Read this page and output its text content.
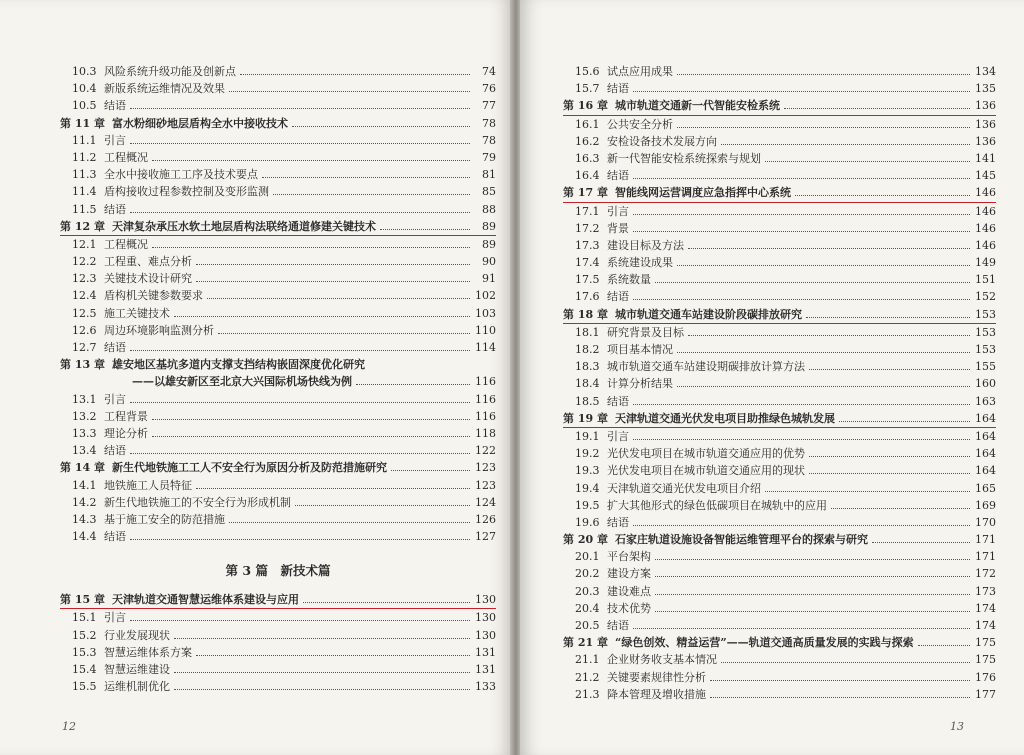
10.3 风险系统升级功能及创新点	74
10.4 新版系统运维情况及效果	76
10.5 结语	77
第 11 章 富水粉细砂地层盾构全水中接收技术	78
11.1 引言	78
11.2 工程概况	79
11.3 全水中接收施工工序及技术要点	81
11.4 盾构接收过程参数控制及变形监测	85
11.5 结语	88
第 12 章 天津复杂承压水软土地层盾构法联络通道修建关键技术	89
12.1 工程概况	89
12.2 工程重、难点分析	90
12.3 关键技术设计研究	91
12.4 盾构机关键参数要求	102
12.5 施工关键技术	103
12.6 周边环境影响监测分析	110
12.7 结语	114
第 13 章 雄安地区基坑多道内支撑支挡结构嵌固深度优化研究
——以雄安新区至北京大兴国际机场快线为例	116
13.1 引言	116
13.2 工程背景	116
13.3 理论分析	118
13.4 结语	122
第 14 章 新生代地铁施工工人不安全行为原因分析及防范措施研究	123
14.1 地铁施工人员特征	123
14.2 新生代地铁施工的不安全行为形成机制	124
14.3 基于施工安全的防范措施	126
14.4 结语	127
第 3 篇　新技术篇
第 15 章 天津轨道交通智慧运维体系建设与应用	130
15.1 引言	130
15.2 行业发展现状	130
15.3 智慧运维体系方案	131
15.4 智慧运维建设	131
15.5 运维机制优化	133
12
15.6 试点应用成果	134
15.7 结语	135
第 16 章 城市轨道交通新一代智能安检系统	136
16.1 公共安全分析	136
16.2 安检设备技术发展方向	136
16.3 新一代智能安检系统探索与规划	141
16.4 结语	145
第 17 章 智能线网运营调度应急指挥中心系统	146
17.1 引言	146
17.2 背景	146
17.3 建设目标及方法	146
17.4 系统建设成果	149
17.5 系统数量	151
17.6 结语	152
第 18 章 城市轨道交通车站建设阶段碳排放研究	153
18.1 研究背景及目标	153
18.2 项目基本情况	153
18.3 城市轨道交通车站建设期碳排放计算方法	155
18.4 计算分析结果	160
18.5 结语	163
第 19 章 天津轨道交通光伏发电项目助推绿色城轨发展	164
19.1 引言	164
19.2 光伏发电项目在城市轨道交通应用的优势	164
19.3 光伏发电项目在城市轨道交通应用的现状	164
19.4 天津轨道交通光伏发电项目介绍	165
19.5 扩大其他形式的绿色低碳项目在城轨中的应用	169
19.6 结语	170
第 20 章 石家庄轨道设施设备智能运维管理平台的探索与研究	171
20.1 平台架构	171
20.2 建设方案	172
20.3 建设难点	173
20.4 技术优势	174
20.5 结语	174
第 21 章 “绿色创效、精益运营”——轨道交通高质量发展的实践与探索	175
21.1 企业财务收支基本情况	175
21.2 关键要素规律性分析	176
21.3 降本管理及增收措施	177
13
